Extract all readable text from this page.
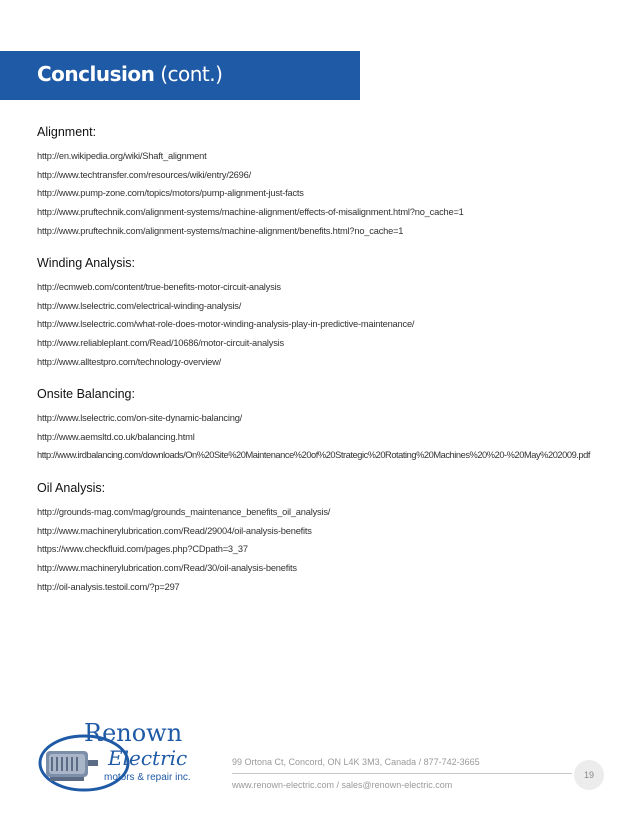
Conclusion (cont.)
Alignment:
http://en.wikipedia.org/wiki/Shaft_alignment
http://www.techtransfer.com/resources/wiki/entry/2696/
http://www.pump-zone.com/topics/motors/pump-alignment-just-facts
http://www.pruftechnik.com/alignment-systems/machine-alignment/effects-of-misalignment.html?no_cache=1
http://www.pruftechnik.com/alignment-systems/machine-alignment/benefits.html?no_cache=1
Winding Analysis:
http://ecmweb.com/content/true-benefits-motor-circuit-analysis
http://www.lselectric.com/electrical-winding-analysis/
http://www.lselectric.com/what-role-does-motor-winding-analysis-play-in-predictive-maintenance/
http://www.reliableplant.com/Read/10686/motor-circuit-analysis
http://www.alltestpro.com/technology-overview/
Onsite Balancing:
http://www.lselectric.com/on-site-dynamic-balancing/
http://www.aemsltd.co.uk/balancing.html
http://www.irdbalancing.com/downloads/On%20Site%20Maintenance%20of%20Strategic%20Rotating%20Machines%20%20-%20May%202009.pdf
Oil Analysis:
http://grounds-mag.com/mag/grounds_maintenance_benefits_oil_analysis/
http://www.machinerylubrication.com/Read/29004/oil-analysis-benefits
https://www.checkfluid.com/pages.php?CDpath=3_37
http://www.machinerylubrication.com/Read/30/oil-analysis-benefits
http://oil-analysis.testoil.com/?p=297
Renown
Electric
motors & repair inc.
99 Ortona Ct, Concord, ON L4K 3M3, Canada / 877-742-3665
www.renown-electric.com / sales@renown-electric.com
19
